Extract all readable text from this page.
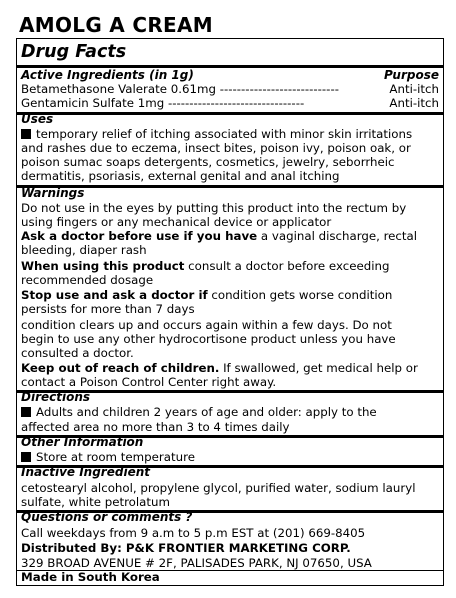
AMOLG A CREAM
Drug Facts
Active Ingredients (in 1g)	Purpose
Betamethasone Valerate 0.61mg ----------------------------	Anti-itch
Gentamicin Sulfate 1mg --------------------------------	Anti-itch
Uses
temporary relief of itching associated with minor skin irritations
and rashes due to eczema, insect bites, poison ivy, poison oak, or
poison sumac soaps detergents, cosmetics, jewelry, seborrheic
dermatitis, psoriasis, external genital and anal itching
Warnings
Do not use in the eyes by putting this product into the rectum by
using fingers or any mechanical device or applicator
Ask a doctor before use if you have a vaginal discharge, rectal
bleeding, diaper rash
When using this product consult a doctor before exceeding
recommended dosage
Stop use and ask a doctor if condition gets worse condition
persists for more than 7 days
condition clears up and occurs again within a few days. Do not
begin to use any other hydrocortisone product unless you have
consulted a doctor.
Keep out of reach of children. If swallowed, get medical help or
contact a Poison Control Center right away.
Directions
Adults and children 2 years of age and older: apply to the
affected area no more than 3 to 4 times daily
Other Information
Store at room temperature
Inactive Ingredient
cetostearyl alcohol, propylene glycol, purified water, sodium lauryl
sulfate, white petrolatum
Questions or comments ?
Call weekdays from 9 a.m to 5 p.m EST at (201) 669-8405
Distributed By: P&K FRONTIER MARKETING CORP.
329 BROAD AVENUE # 2F, PALISADES PARK, NJ 07650, USA
Made in South Korea
